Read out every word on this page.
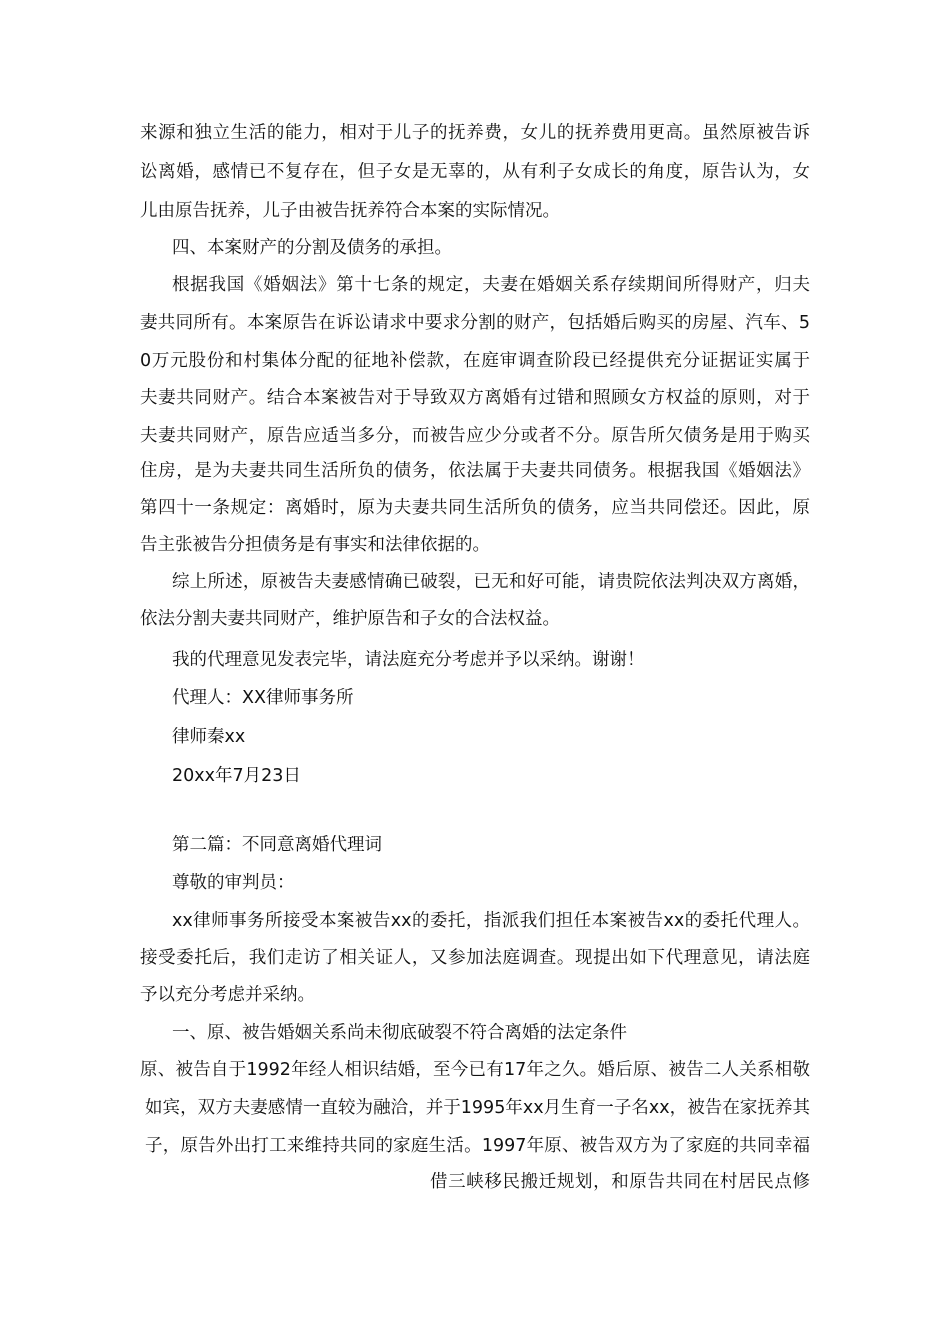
来源和独立生活的能力，相对于儿子的抚养费，女儿的抚养费用更高。虽然原被告诉
讼离婚，感情已不复存在，但子女是无辜的，从有利子女成长的角度，原告认为，女
儿由原告抚养，儿子由被告抚养符合本案的实际情况。
四、本案财产的分割及债务的承担。
根据我国《婚姻法》第十七条的规定，夫妻在婚姻关系存续期间所得财产，归夫
妻共同所有。本案原告在诉讼请求中要求分割的财产，包括婚后购买的房屋、汽车、5
0万元股份和村集体分配的征地补偿款，在庭审调查阶段已经提供充分证据证实属于
夫妻共同财产。结合本案被告对于导致双方离婚有过错和照顾女方权益的原则，对于
夫妻共同财产，原告应适当多分，而被告应少分或者不分。原告所欠债务是用于购买
住房，是为夫妻共同生活所负的债务，依法属于夫妻共同债务。根据我国《婚姻法》
第四十一条规定：离婚时，原为夫妻共同生活所负的债务，应当共同偿还。因此，原
告主张被告分担债务是有事实和法律依据的。
综上所述，原被告夫妻感情确已破裂，已无和好可能，请贵院依法判决双方离婚，
依法分割夫妻共同财产，维护原告和子女的合法权益。
我的代理意见发表完毕，请法庭充分考虑并予以采纳。谢谢！
代理人：XX律师事务所
律师秦xx
20xx年7月23日
第二篇：不同意离婚代理词
尊敬的审判员：
xx律师事务所接受本案被告xx的委托，指派我们担任本案被告xx的委托代理人。
接受委托后，我们走访了相关证人，又参加法庭调查。现提出如下代理意见，请法庭
予以充分考虑并采纳。
一、原、被告婚姻关系尚未彻底破裂不符合离婚的法定条件
原、被告自于1992年经人相识结婚，至今已有17年之久。婚后原、被告二人关系相敬
如宾，双方夫妻感情一直较为融洽，并于1995年xx月生育一子名xx，被告在家抚养其
子，原告外出打工来维持共同的家庭生活。1997年原、被告双方为了家庭的共同幸福
借三峡移民搬迁规划，和原告共同在村居民点修
